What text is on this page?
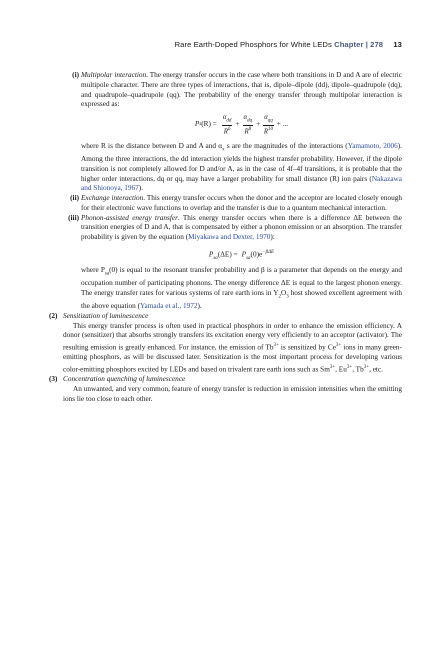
Rare Earth-Doped Phosphors for White LEDs Chapter | 278 13

(i) Multipolar interaction. The energy transfer occurs in the case where both transitions in D and A are of electric multipole character. There are three types of interactions, that is, dipole–dipole (dd), dipole–quadrupole (dq), and quadrupole–quadrupole (qq). The probability of the energy transfer through multipolar interaction is expressed as:

P s $(R) = \frac{\alpha_{dd}}{R^6} + \frac{\alpha_{dq}}{R^8} + \frac{\alpha_{qq}}{R^{10}}$ + ...

where R is the distance between D and A and $\alpha_x$ s are the magnitudes of the interactions (Yamamoto, 2006). Among the three interactions, the dd interaction yields the highest transfer probability. However, if the dipole transition is not completely allowed for D and/or A, as in the case of 4f–4f transitions, it is probable that the higher order interactions, dq or qq, may have a larger probability for small distance (R) ion pairs (Nakazawa and Shionoya, 1967).

(ii) Exchange interaction. This energy transfer occurs when the donor and the acceptor are located closely enough for their electronic wave functions to overlap and the transfer is due to a quantum mechanical interaction.

(iii) Phonon-assisted energy transfer. This energy transfer occurs when there is a difference ΔE between the transition energies of D and A, that is compensated by either a phonon emission or an absorption. The transfer probability is given by the equation (Miyakawa and Dexter, 1970):

$P_{sa}(\Delta E) = P_{sa}(0)e^{-\beta\Delta E}$

where $P_{sa}(0)$ is equal to the resonant transfer probability and β is a parameter that depends on the energy and occupation number of participating phonons. The energy difference ΔE is equal to the largest phonon energy. The energy transfer rates for various systems of rare earth ions in $Y_2O_3$ host showed excellent agreement with the above equation (Yamada et al., 1972).

(2) Sensitization of luminescence

This energy transfer process is often used in practical phosphors in order to enhance the emission efficiency. A donor (sensitizer) that absorbs strongly transfers its excitation energy very efficiently to an acceptor (activator). The resulting emission is greatly enhanced. For instance, the emission of $Tb^{3+}$ is sensitized by $Ce^{3+}$ ions in many green-emitting phosphors, as will be discussed later. Sensitization is the most important process for developing various color-emitting phosphors excited by LEDs and based on trivalent rare earth ions such as $Sm^{3+}$, $Eu^{3+}$, $Tb^{3+}$, etc.

(3) Concentration quenching of luminescence

An unwanted, and very common, feature of energy transfer is reduction in emission intensities when the emitting ions lie too close to each other.
